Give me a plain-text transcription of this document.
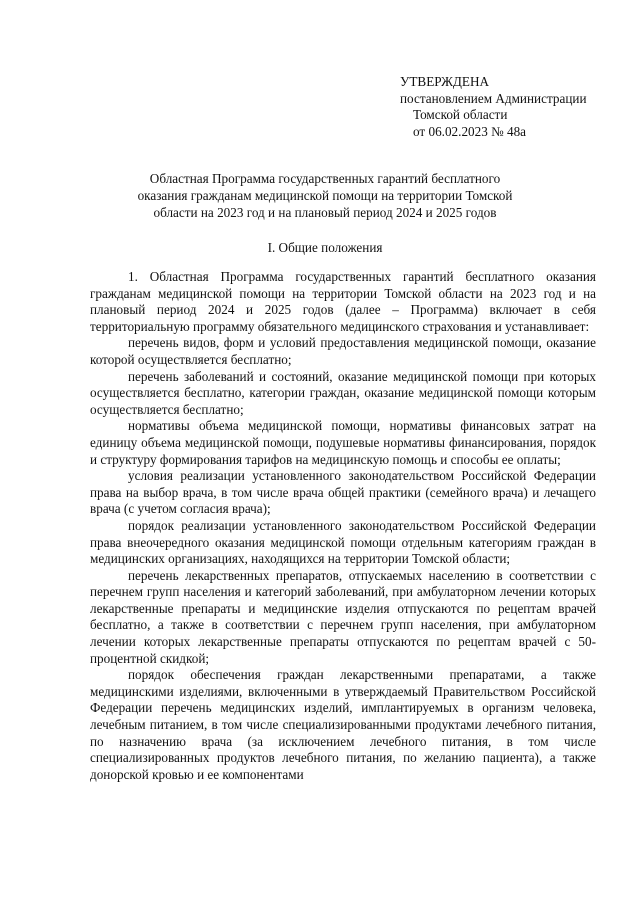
УТВЕРЖДЕНА
постановлением Администрации
Томской области
от 06.02.2023 № 48а
Областная Программа государственных гарантий бесплатного
оказания гражданам медицинской помощи на территории Томской
области на 2023 год и на плановый период 2024 и 2025 годов
I. Общие положения

1. Областная Программа государственных гарантий бесплатного оказания гражданам медицинской помощи на территории Томской области на 2023 год и на плановый период 2024 и 2025 годов (далее – Программа) включает в себя территориальную программу обязательного медицинского страхования и устанавливает:

перечень видов, форм и условий предоставления медицинской помощи, оказание которой осуществляется бесплатно;

перечень заболеваний и состояний, оказание медицинской помощи при которых осуществляется бесплатно, категории граждан, оказание медицинской помощи которым осуществляется бесплатно;

нормативы объема медицинской помощи, нормативы финансовых затрат на единицу объема медицинской помощи, подушевые нормативы финансирования, порядок и структуру формирования тарифов на медицинскую помощь и способы ее оплаты;

условия реализации установленного законодательством Российской Федерации права на выбор врача, в том числе врача общей практики (семейного врача) и лечащего врача (с учетом согласия врача);

порядок реализации установленного законодательством Российской Федерации права внеочередного оказания медицинской помощи отдельным категориям граждан в медицинских организациях, находящихся на территории Томской области;

перечень лекарственных препаратов, отпускаемых населению в соответствии с перечнем групп населения и категорий заболеваний, при амбулаторном лечении которых лекарственные препараты и медицинские изделия отпускаются по рецептам врачей бесплатно, а также в соответствии с перечнем групп населения, при амбулаторном лечении которых лекарственные препараты отпускаются по рецептам врачей с 50-процентной скидкой;

порядок обеспечения граждан лекарственными препаратами, а также медицинскими изделиями, включенными в утверждаемый Правительством Российской Федерации перечень медицинских изделий, имплантируемых в организм человека, лечебным питанием, в том числе специализированными продуктами лечебного питания, по назначению врача (за исключением лечебного питания, в том числе специализированных продуктов лечебного питания, по желанию пациента), а также донорской кровью и ее компонентами
